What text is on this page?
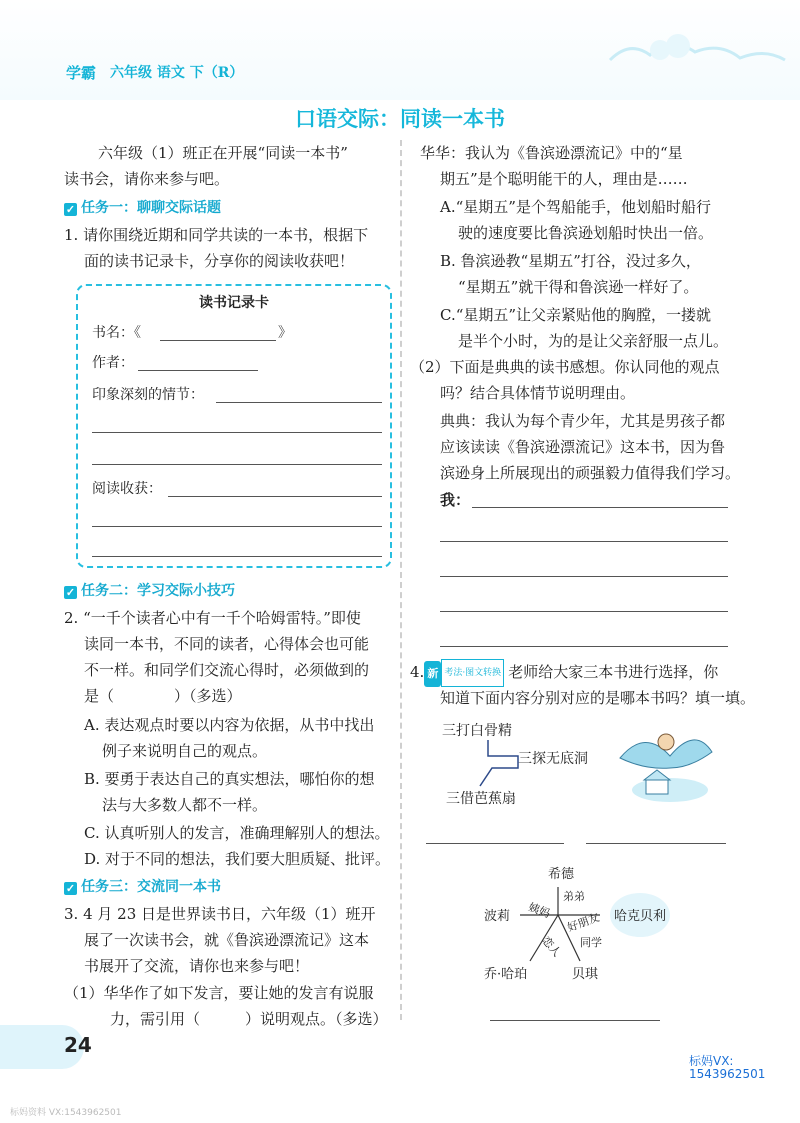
学霸 六年级 语文 下（R）
口语交际：同读一本书
六年级（1）班正在开展“同读一本书”
读书会，请你来参与吧。
✓ 任务一：聊聊交际话题
1. 请你围绕近期和同学共读的一本书，根据下
面的读书记录卡，分享你的阅读收获吧！
读书记录卡
书名：《	》
作者：
印象深刻的情节：
阅读收获：
✓ 任务二：学习交际小技巧
2. “一千个读者心中有一千个哈姆雷特。”即使
读同一本书，不同的读者，心得体会也可能
不一样。和同学们交流心得时，必须做到的
是（　　　　）（多选）
A. 表达观点时要以内容为依据，从书中找出
例子来说明自己的观点。
B. 要勇于表达自己的真实想法，哪怕你的想
法与大多数人都不一样。
C. 认真听别人的发言，准确理解别人的想法。
D. 对于不同的想法，我们要大胆质疑、批评。
✓ 任务三：交流同一本书
3. 4 月 23 日是世界读书日，六年级（1）班开
展了一次读书会，就《鲁滨逊漂流记》这本
书展开了交流，请你也来参与吧！
（1）华华作了如下发言，要让她的发言有说服
力，需引用（　　　）说明观点。（多选）
华华：我认为《鲁滨逊漂流记》中的“星
期五”是个聪明能干的人，理由是……
A.“星期五”是个驾船能手，他划船时船行
驶的速度要比鲁滨逊划船时快出一倍。
B. 鲁滨逊教“星期五”打谷，没过多久，
“星期五”就干得和鲁滨逊一样好了。
C.“星期五”让父亲紧贴他的胸膛，一搂就
是半个小时，为的是让父亲舒服一点儿。
（2）下面是典典的读书感想。你认同他的观点
吗？结合具体情节说明理由。
典典：我认为每个青少年，尤其是男孩子都
应该读读《鲁滨逊漂流记》这本书，因为鲁
滨逊身上所展现出的顽强毅力值得我们学习。
我：
4. 新 考法·图文转换 老师给大家三本书进行选择，你
知道下面内容分别对应的是哪本书吗？填一填。
三打白骨精
三探无底洞
三借芭蕉扇
希德
波莉	哈克贝利
乔·哈珀	贝琪
姨妈
弟弟
好朋友
同学
恋人
24
标妈VX:
1543962501
标妈资料 VX:1543962501
